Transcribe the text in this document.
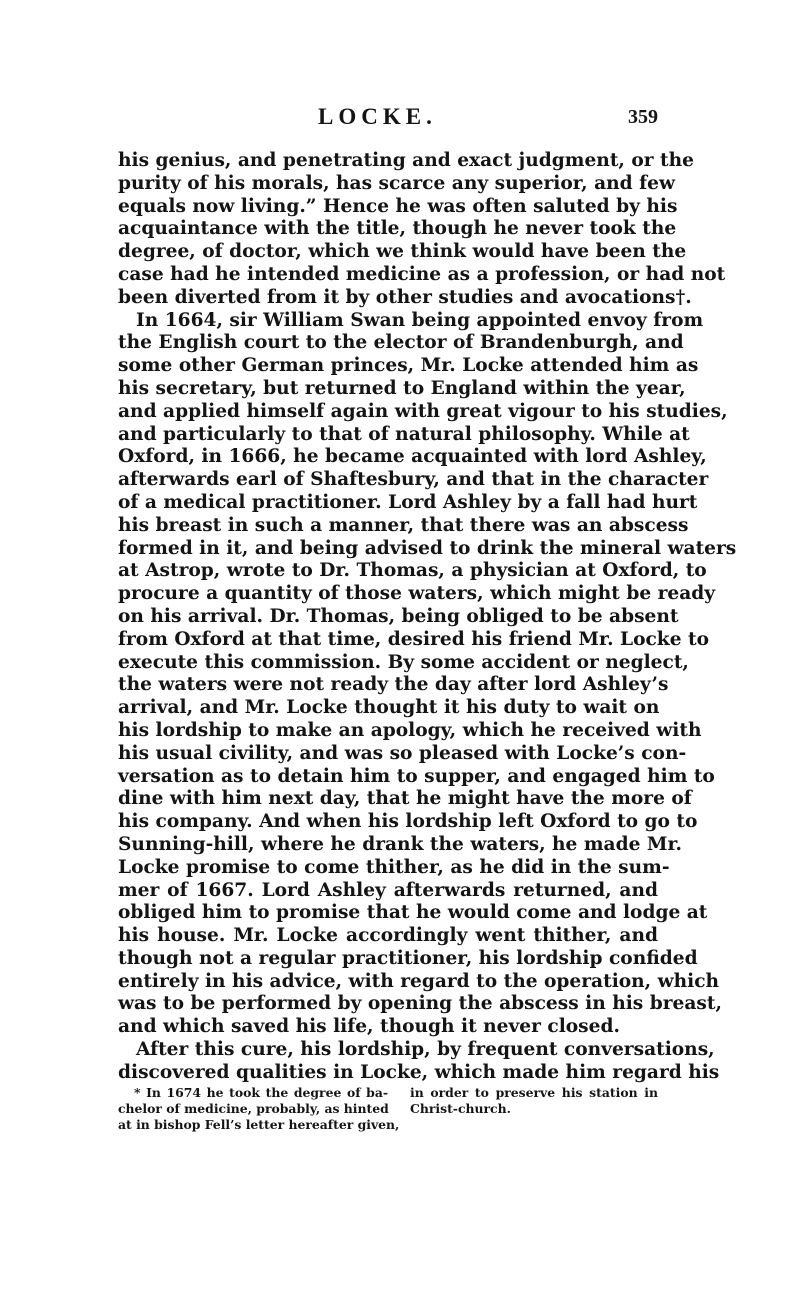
LOCKE.	359
his genius, and penetrating and exact judgment, or the
purity of his morals, has scarce any superior, and few
equals now living.” Hence he was often saluted by his
acquaintance with the title, though he never took the
degree, of doctor, which we think would have been the
case had he intended medicine as a profession, or had not
been diverted from it by other studies and avocations†.
In 1664, sir William Swan being appointed envoy from
the English court to the elector of Brandenburgh, and
some other German princes, Mr. Locke attended him as
his secretary, but returned to England within the year,
and applied himself again with great vigour to his studies,
and particularly to that of natural philosophy. While at
Oxford, in 1666, he became acquainted with lord Ashley,
afterwards earl of Shaftesbury, and that in the character
of a medical practitioner. Lord Ashley by a fall had hurt
his breast in such a manner, that there was an abscess
formed in it, and being advised to drink the mineral waters
at Astrop, wrote to Dr. Thomas, a physician at Oxford, to
procure a quantity of those waters, which might be ready
on his arrival. Dr. Thomas, being obliged to be absent
from Oxford at that time, desired his friend Mr. Locke to
execute this commission. By some accident or neglect,
the waters were not ready the day after lord Ashley’s
arrival, and Mr. Locke thought it his duty to wait on
his lordship to make an apology, which he received with
his usual civility, and was so pleased with Locke’s con-
versation as to detain him to supper, and engaged him to
dine with him next day, that he might have the more of
his company. And when his lordship left Oxford to go to
Sunning-hill, where he drank the waters, he made Mr.
Locke promise to come thither, as he did in the sum-
mer of 1667. Lord Ashley afterwards returned, and
obliged him to promise that he would come and lodge at
his house. Mr. Locke accordingly went thither, and
though not a regular practitioner, his lordship confided
entirely in his advice, with regard to the operation, which
was to be performed by opening the abscess in his breast,
and which saved his life, though it never closed.
After this cure, his lordship, by frequent conversations,
discovered qualities in Locke, which made him regard his
* In 1674 he took the degree of ba-
chelor of medicine, probably, as hinted
at in bishop Fell’s letter hereafter given,
in order to preserve his station in
Christ-church.
